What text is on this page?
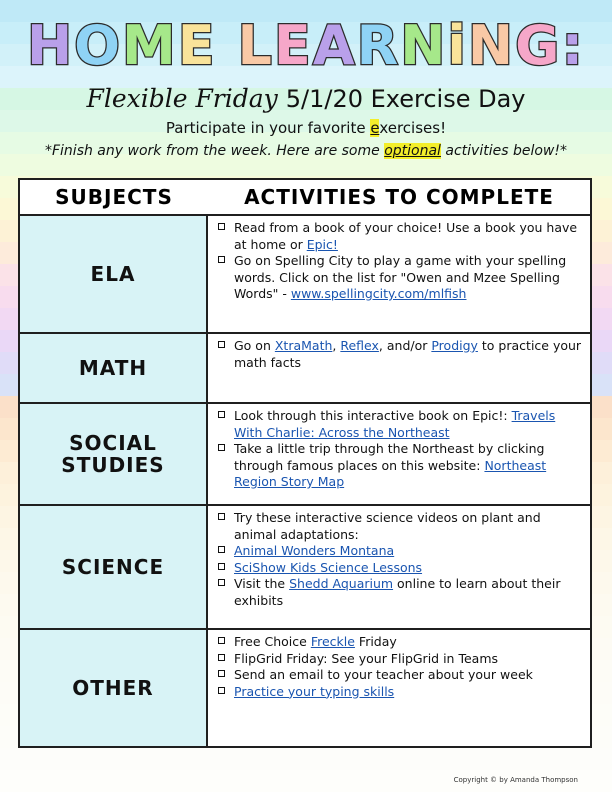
HOME LEARNiNG:
Flexible Friday 5/1/20 Exercise Day
Participate in your favorite exercises!
*Finish any work from the week. Here are some optional activities below!*
SUBJECTS	ACTIVITIES TO COMPLETE
ELA
Read from a book of your choice! Use a book you have at home or Epic!
Go on Spelling City to play a game with your spelling words. Click on the list for "Owen and Mzee Spelling Words" - www.spellingcity.com/mlfish
MATH
Go on XtraMath, Reflex, and/or Prodigy to practice your math facts
SOCIAL STUDIES
Look through this interactive book on Epic!: Travels With Charlie: Across the Northeast
Take a little trip through the Northeast by clicking through famous places on this website: Northeast Region Story Map
SCIENCE
Try these interactive science videos on plant and animal adaptations:
Animal Wonders Montana
SciShow Kids Science Lessons
Visit the Shedd Aquarium online to learn about their exhibits
OTHER
Free Choice Freckle Friday
FlipGrid Friday: See your FlipGrid in Teams
Send an email to your teacher about your week
Practice your typing skills
Copyright © by Amanda Thompson
